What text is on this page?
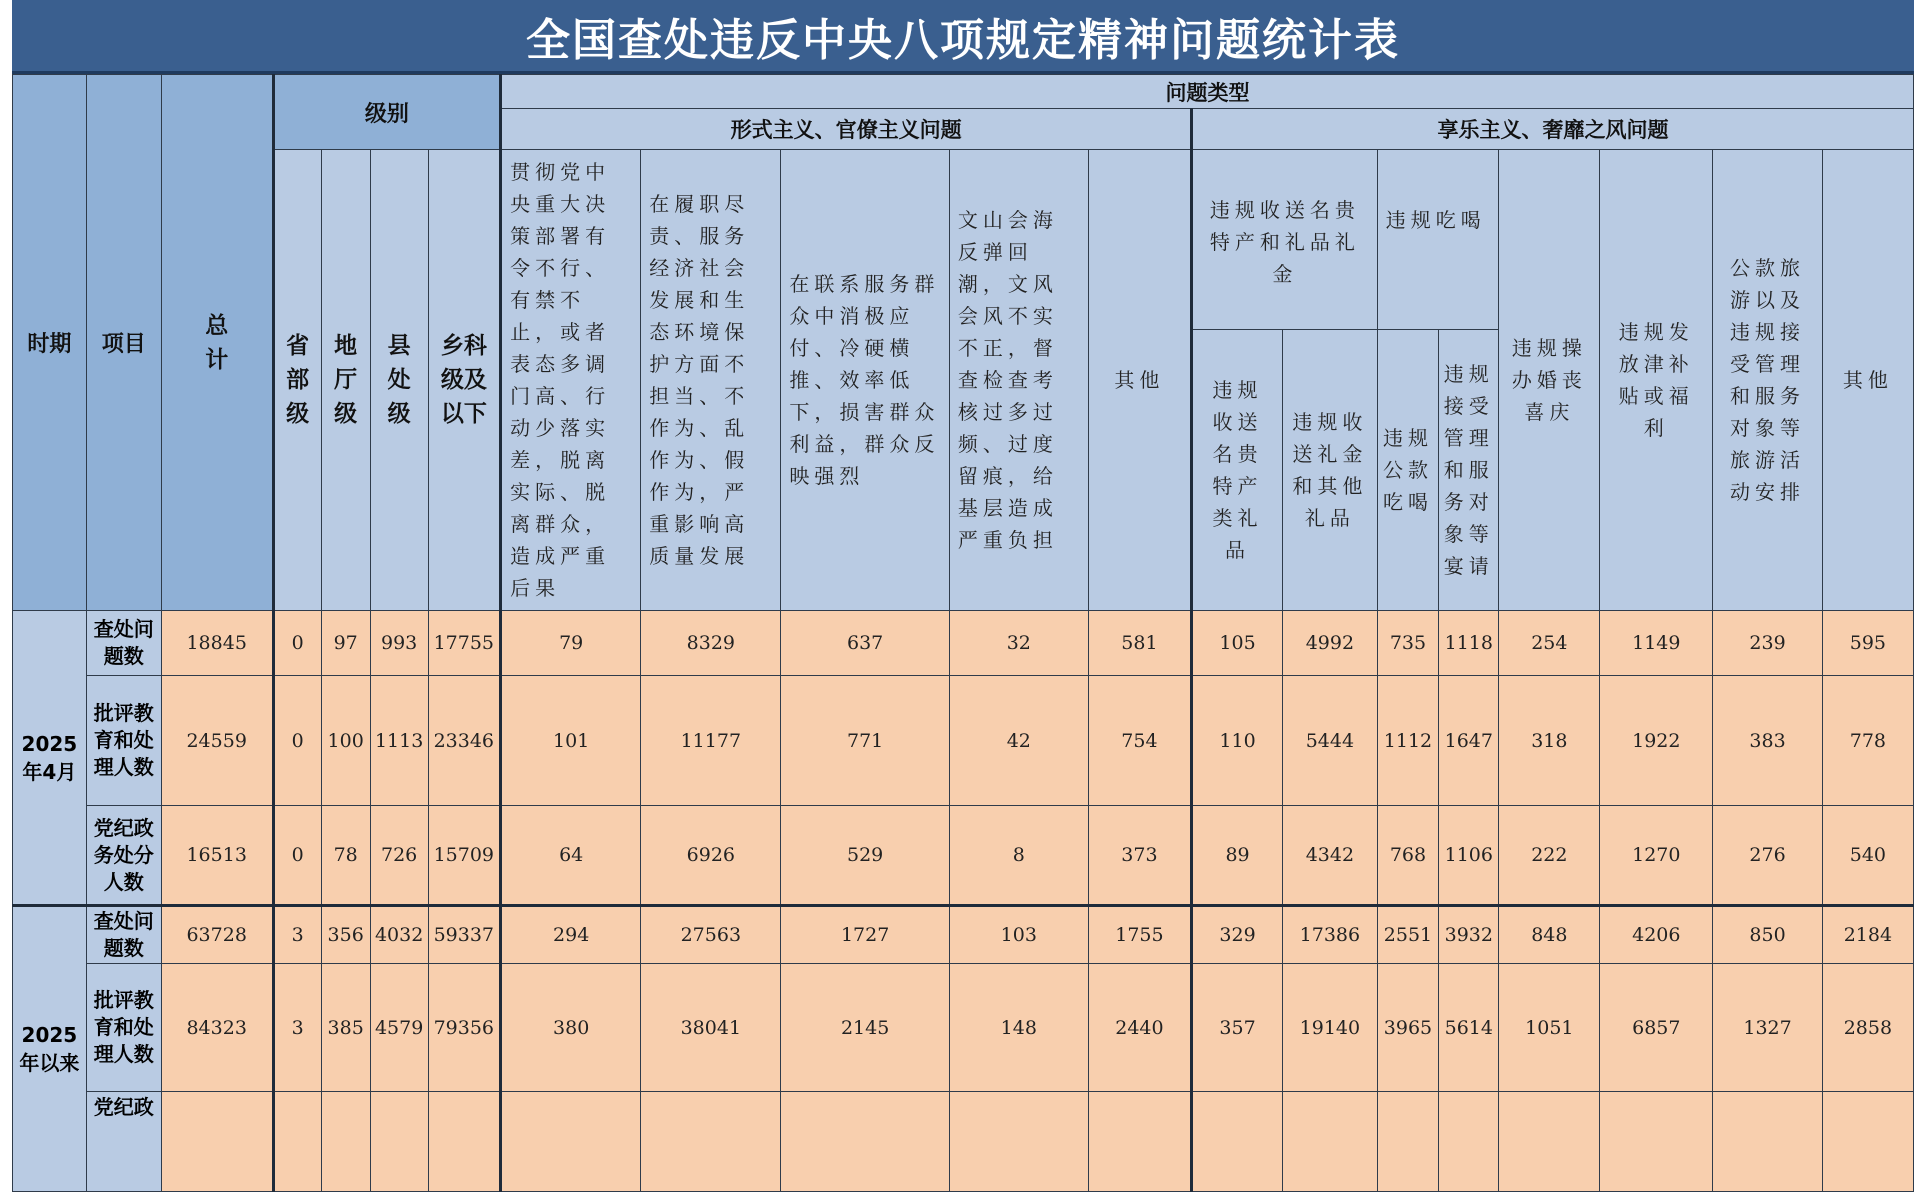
全国查处违反中央八项规定精神问题统计表
时期	项目	总计	级别				问题类型												
							形式主义、官僚主义问题					享乐主义、奢靡之风问题							
			省部级	地厅级	县处级	乡科级及以下	贯彻党中央重大决策部署有令不行、有禁不止，或者表态多调门高、行动少落实差，脱离实际、脱离群众，造成严重后果	在履职尽责、服务经济社会发展和生态环境保护方面不担当、不作为、乱作为、假作为，严重影响高质量发展	在联系服务群众中消极应付、冷硬横推、效率低下，损害群众利益，群众反映强烈	文山会海反弹回潮，文风会风不实不正，督查检查考核过多过频、过度留痕，给基层造成严重负担	其他	违规收送名贵特产和礼品礼金		违规吃喝		违规操办婚丧喜庆	违规发放津补贴或福利	公款旅游以及违规接受管理和服务对象等旅游活动安排	其他
												违规收送名贵特产类礼品	违规收送礼金和其他礼品	违规公款吃喝	违规接受管理和服务对象等宴请				
2025年4月	查处问题数	18845	0	97	993	17755	79	8329	637	32	581	105	4992	735	1118	254	1149	239	595
	批评教育和处理人数	24559	0	100	1113	23346	101	11177	771	42	754	110	5444	1112	1647	318	1922	383	778
	党纪政务处分人数	16513	0	78	726	15709	64	6926	529	8	373	89	4342	768	1106	222	1270	276	540
2025年以来	查处问题数	63728	3	356	4032	59337	294	27563	1727	103	1755	329	17386	2551	3932	848	4206	850	2184
	批评教育和处理人数	84323	3	385	4579	79356	380	38041	2145	148	2440	357	19140	3965	5614	1051	6857	1327	2858
	党纪政																		
